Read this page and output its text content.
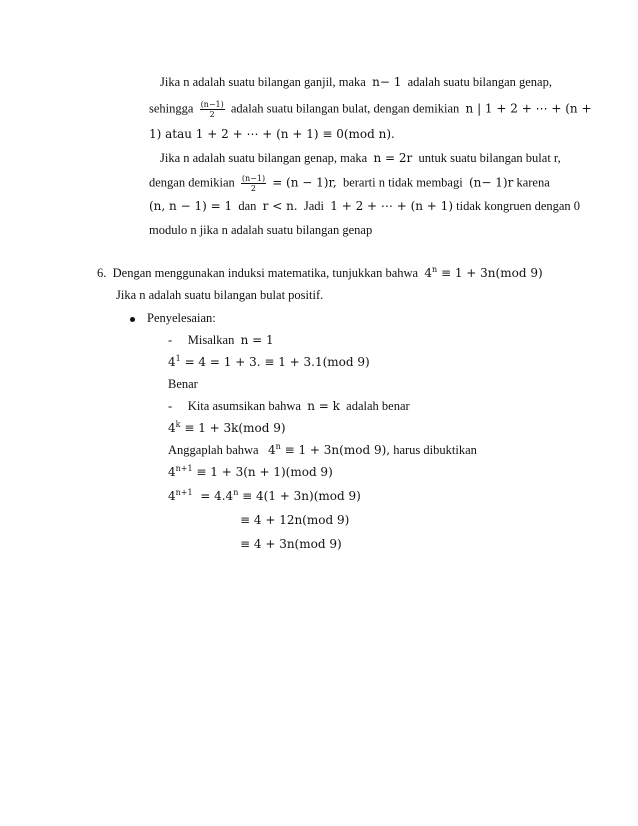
Jika n adalah suatu bilangan ganjil, maka n− 1 adalah suatu bilangan genap,
sehingga $\frac{(n-1)}{2}$ adalah suatu bilangan bulat, dengan demikian n | 1 + 2 + ⋯ + (n +
1) atau 1 + 2 + ⋯ + (n + 1) ≡ 0(mod n).
Jika n adalah suatu bilangan genap, maka n = 2r untuk suatu bilangan bulat r,
dengan demikian $\frac{(n-1)}{2} = (n - 1)r$, berarti n tidak membagi (n− 1)r karena
(n, n − 1) = 1 dan r < n. Jadi 1 + 2 + ⋯ + (n + 1) tidak kongruen dengan 0
modulo n jika n adalah suatu bilangan genap
6. Dengan menggunakan induksi matematika, tunjukkan bahwa $4^n \equiv 1 + 3n(mod$ 9)
Jika n adalah suatu bilangan bulat positif.
Penyelesaian:
- Misalkan n = 1
$4^1 = 4 = 1 + 3$. ≡ 1 + 3.1(mod 9)
Benar
- Kita asumsikan bahwa n = k adalah benar
$4^k \equiv 1 + 3k(mod$ 9)
Anggaplah bahwa $4^n \equiv 1 + 3n(mod$ 9), harus dibuktikan
$4^{n+1} \equiv 1 + 3(n + 1)(mod$ 9)
$4^{n+1} = 4.4^n \equiv 4(1 + 3n)(mod$ 9)
≡ 4 + 12n(mod 9)
≡ 4 + 3n(mod 9)
